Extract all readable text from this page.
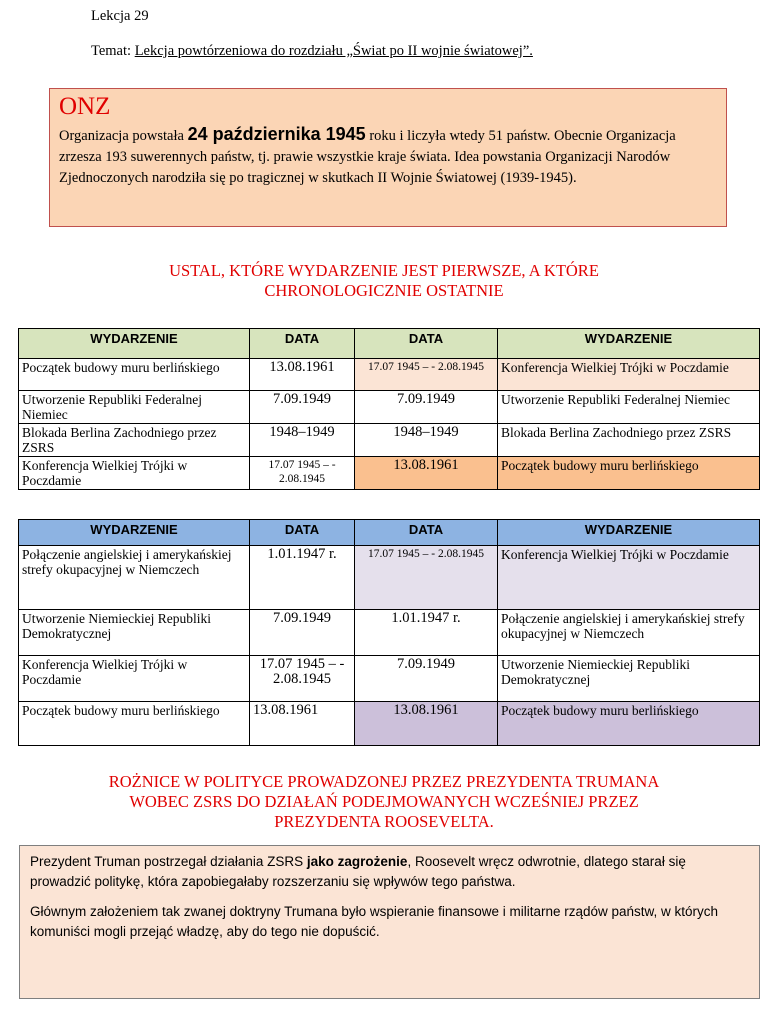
Lekcja 29
Temat: Lekcja powtórzeniowa do rozdziału „Świat po II wojnie światowej”.
ONZ
Organizacja powstała 24 października 1945 roku i liczyła wtedy 51 państw. Obecnie Organizacja zrzesza 193 suwerennych państw, tj. prawie wszystkie kraje świata. Idea powstania Organizacji Narodów Zjednoczonych narodziła się po tragicznej w skutkach II Wojnie Światowej (1939-1945).
USTAL, KTÓRE WYDARZENIE JEST PIERWSZE, A KTÓRE
CHRONOLOGICZNIE OSTATNIE
WYDARZENIE	DATA	DATA	WYDARZENIE
Początek budowy muru berlińskiego	13.08.1961	17.07 1945 – - 2.08.1945	Konferencja Wielkiej Trójki w Poczdamie
Utworzenie Republiki Federalnej Niemiec	7.09.1949	7.09.1949	Utworzenie Republiki Federalnej Niemiec
Blokada Berlina Zachodniego przez ZSRS	1948–1949	1948–1949	Blokada Berlina Zachodniego przez ZSRS
Konferencja Wielkiej Trójki w Poczdamie	17.07 1945 – - 2.08.1945	13.08.1961	Początek budowy muru berlińskiego
WYDARZENIE	DATA	DATA	WYDARZENIE
Połączenie angielskiej i amerykańskiej strefy okupacyjnej w Niemczech	1.01.1947 r.	17.07 1945 – - 2.08.1945	Konferencja Wielkiej Trójki w Poczdamie
Utworzenie Niemieckiej Republiki Demokratycznej	7.09.1949	1.01.1947 r.	Połączenie angielskiej i amerykańskiej strefy okupacyjnej w Niemczech
Konferencja Wielkiej Trójki w Poczdamie	17.07 1945 – - 2.08.1945	7.09.1949	Utworzenie Niemieckiej Republiki Demokratycznej
Początek budowy muru berlińskiego	13.08.1961	13.08.1961	Początek budowy muru berlińskiego
ROŻNICE W POLITYCE PROWADZONEJ PRZEZ PREZYDENTA TRUMANA
WOBEC ZSRS DO DZIAŁAŃ PODEJMOWANYCH WCZEŚNIEJ PRZEZ
PREZYDENTA ROOSEVELTA.

Prezydent Truman postrzegał działania ZSRS jako zagrożenie, Roosevelt wręcz odwrotnie, dlatego starał się prowadzić politykę, która zapobiegałaby rozszerzaniu się wpływów tego państwa.

Głównym założeniem tak zwanej doktryny Trumana było wspieranie finansowe i militarne rządów państw, w których komuniści mogli przejąć władzę, aby do tego nie dopuścić.
